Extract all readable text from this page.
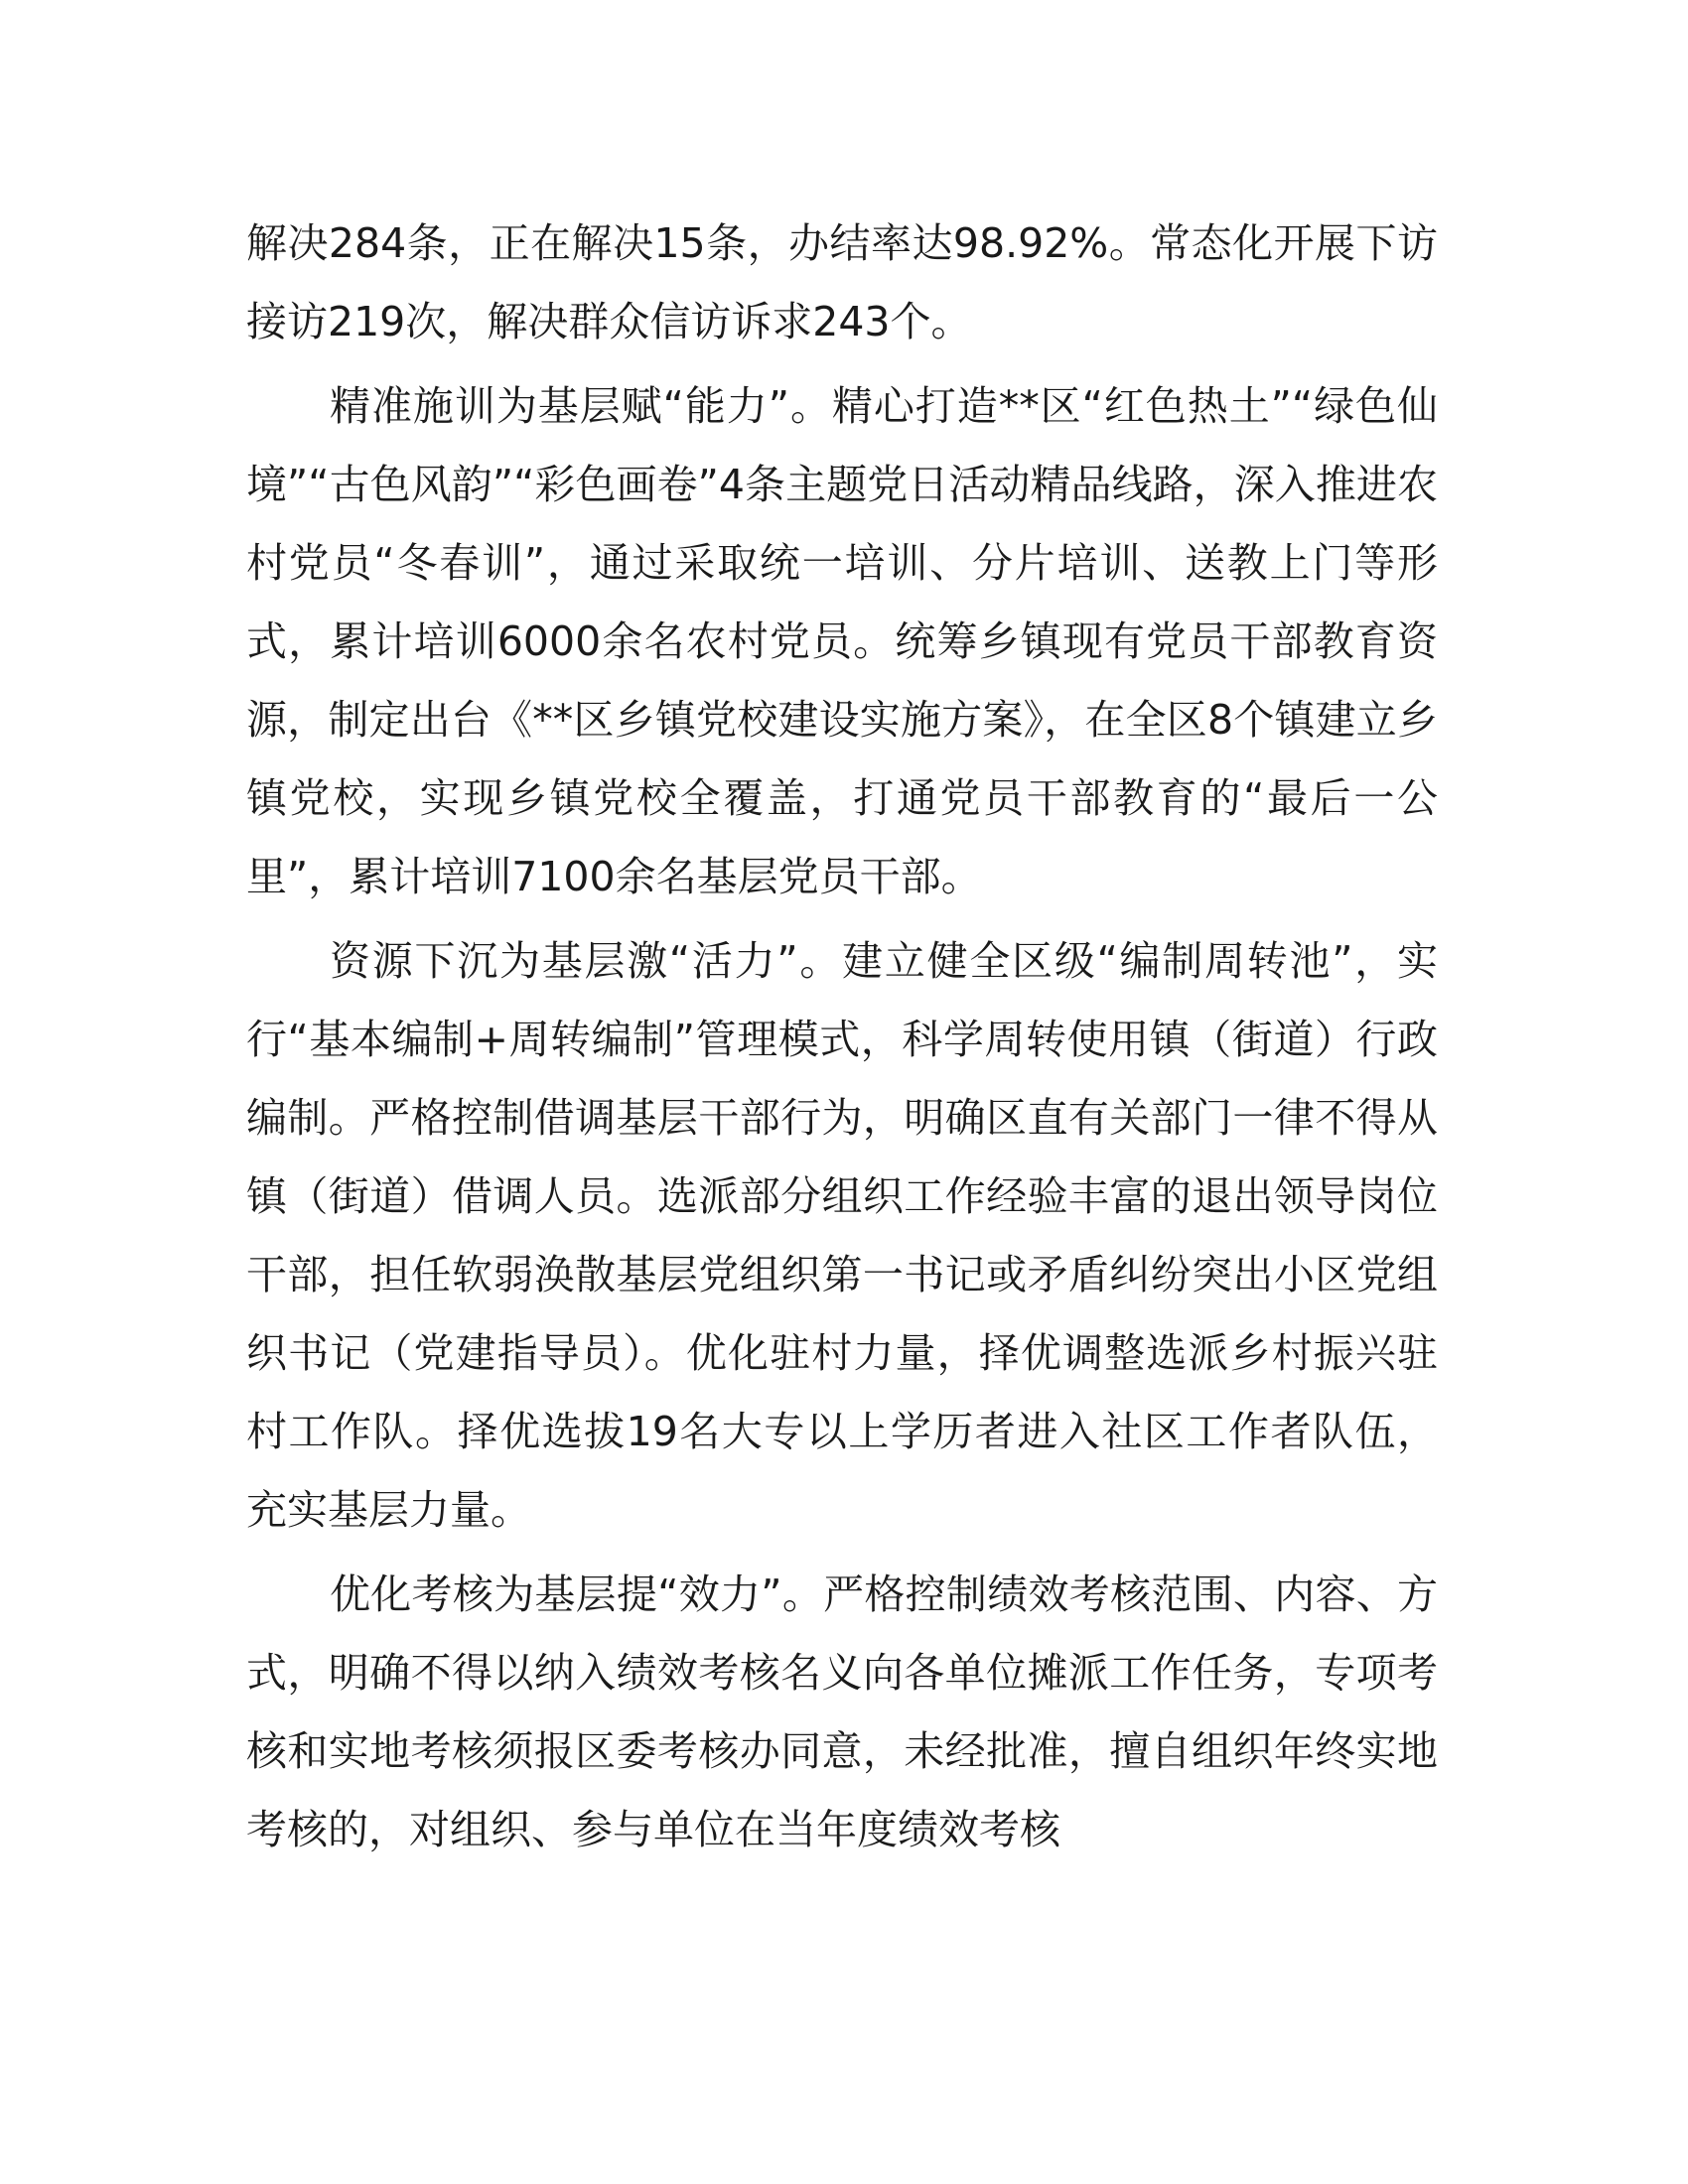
解决284条，正在解决15条，办结率达98.92%。常态化开展下访接访219次，解决群众信访诉求243个。

精准施训为基层赋“能力”。精心打造**区“红色热土”“绿色仙境”“古色风韵”“彩色画卷”4条主题党日活动精品线路，深入推进农村党员“冬春训”，通过采取统一培训、分片培训、送教上门等形式，累计培训6000余名农村党员。统筹乡镇现有党员干部教育资源，制定出台《**区乡镇党校建设实施方案》，在全区8个镇建立乡镇党校，实现乡镇党校全覆盖，打通党员干部教育的“最后一公里”，累计培训7100余名基层党员干部。

资源下沉为基层激“活力”。建立健全区级“编制周转池”，实行“基本编制+周转编制”管理模式，科学周转使用镇（街道）行政编制。严格控制借调基层干部行为，明确区直有关部门一律不得从镇（街道）借调人员。选派部分组织工作经验丰富的退出领导岗位干部，担任软弱涣散基层党组织第一书记或矛盾纠纷突出小区党组织书记（党建指导员）。优化驻村力量，择优调整选派乡村振兴驻村工作队。择优选拔19名大专以上学历者进入社区工作者队伍，充实基层力量。

优化考核为基层提“效力”。严格控制绩效考核范围、内容、方式，明确不得以纳入绩效考核名义向各单位摊派工作任务，专项考核和实地考核须报区委考核办同意，未经批准，擅自组织年终实地考核的，对组织、参与单位在当年度绩效考核
